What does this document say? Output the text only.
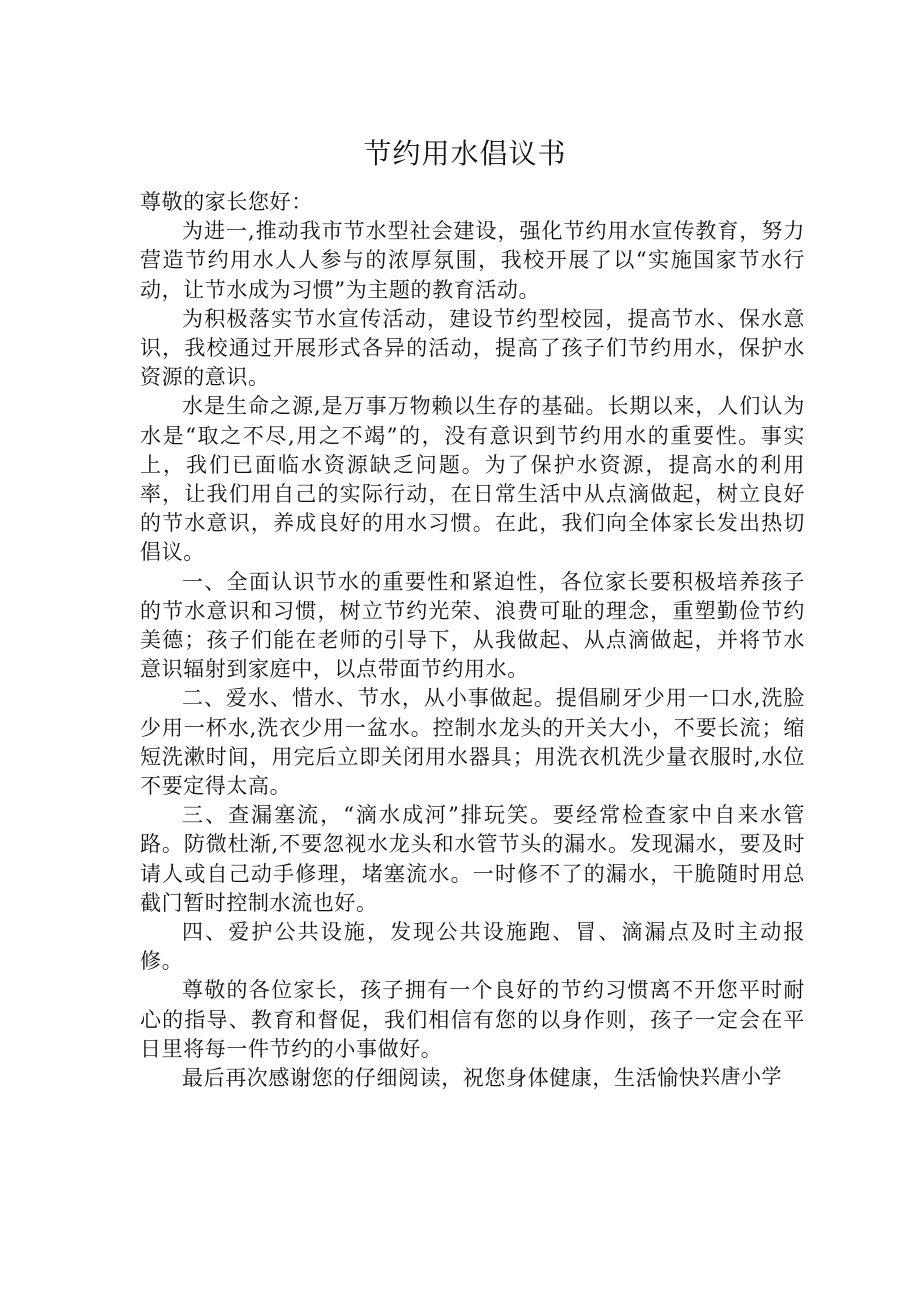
节约用水倡议书

尊敬的家长您好：

为进一,推动我市节水型社会建设，强化节约用水宣传教育，努力营造节约用水人人参与的浓厚氛围，我校开展了以“实施国家节水行动，让节水成为习惯”为主题的教育活动。

为积极落实节水宣传活动，建设节约型校园，提高节水、保水意识，我校通过开展形式各异的活动，提高了孩子们节约用水，保护水资源的意识。

水是生命之源,是万事万物赖以生存的基础。长期以来，人们认为水是“取之不尽,用之不竭”的，没有意识到节约用水的重要性。事实上，我们已面临水资源缺乏问题。为了保护水资源，提高水的利用率，让我们用自己的实际行动，在日常生活中从点滴做起，树立良好的节水意识，养成良好的用水习惯。在此，我们向全体家长发出热切倡议。

一、全面认识节水的重要性和紧迫性，各位家长要积极培养孩子的节水意识和习惯，树立节约光荣、浪费可耻的理念，重塑勤俭节约美德；孩子们能在老师的引导下，从我做起、从点滴做起，并将节水意识辐射到家庭中，以点带面节约用水。

二、爱水、惜水、节水，从小事做起。提倡刷牙少用一口水,洗脸少用一杯水,洗衣少用一盆水。控制水龙头的开关大小，不要长流；缩短洗漱时间，用完后立即关闭用水器具；用洗衣机洗少量衣服时,水位不要定得太高。

三、查漏塞流，“滴水成河”排玩笑。要经常检查家中自来水管路。防微杜渐,不要忽视水龙头和水管节头的漏水。发现漏水，要及时请人或自己动手修理，堵塞流水。一时修不了的漏水，干脆随时用总截门暂时控制水流也好。

四、爱护公共设施，发现公共设施跑、冒、滴漏点及时主动报修。

尊敬的各位家长，孩子拥有一个良好的节约习惯离不开您平时耐心的指导、教育和督促，我们相信有您的以身作则，孩子一定会在平日里将每一件节约的小事做好。

最后再次感谢您的仔细阅读，祝您身体健康，生活愉快！

兴唐小学
